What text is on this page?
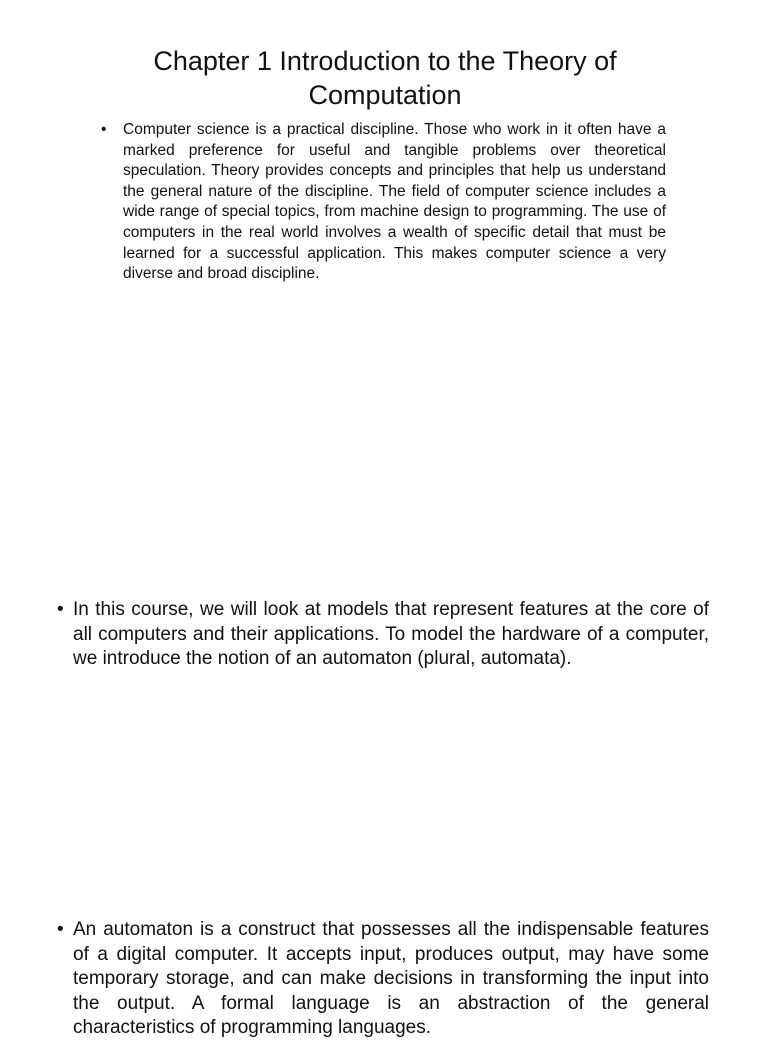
Chapter 1 Introduction to the Theory of Computation
• Computer science is a practical discipline. Those who work in it often have a marked preference for useful and tangible problems over theoretical speculation. Theory provides concepts and principles that help us understand the general nature of the discipline. The field of computer science includes a wide range of special topics, from machine design to programming. The use of computers in the real world involves a wealth of specific detail that must be learned for a successful application. This makes computer science a very diverse and broad discipline.
• In this course, we will look at models that represent features at the core of all computers and their applications. To model the hardware of a computer, we introduce the notion of an automaton (plural, automata).
• An automaton is a construct that possesses all the indispensable features of a digital computer. It accepts input, produces output, may have some temporary storage, and can make decisions in transforming the input into the output. A formal language is an abstraction of the general characteristics of programming languages.
